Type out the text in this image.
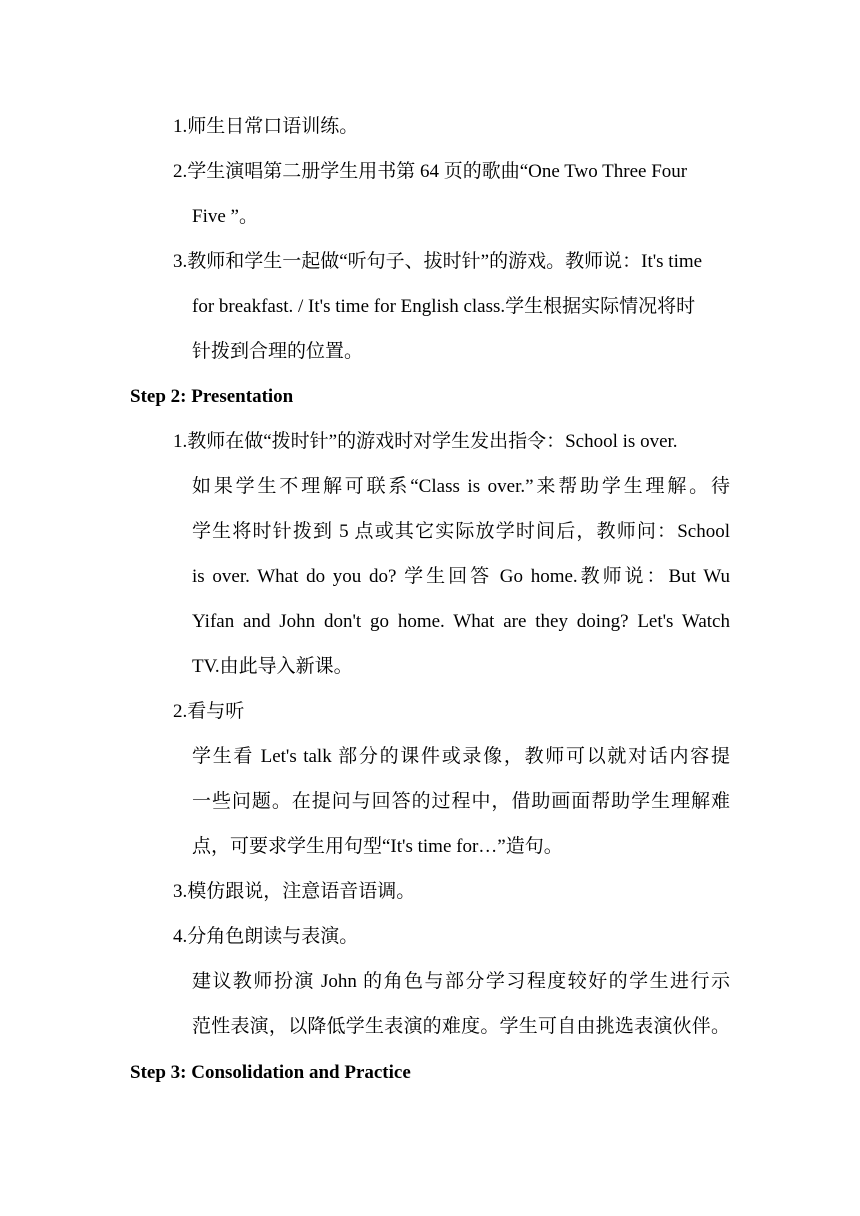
1.师生日常口语训练。
2.学生演唱第二册学生用书第 64 页的歌曲“One Two Three Four
Five ”。
3.教师和学生一起做“听句子、拔时针”的游戏。教师说：It's time
for breakfast. / It's time for English class.学生根据实际情况将时
针拨到合理的位置。
Step 2: Presentation
1.教师在做“拨时针”的游戏时对学生发出指令：School is over.
如果学生不理解可联系“Class is over.”来帮助学生理解。待
学生将时针拨到 5 点或其它实际放学时间后，教师问：School
is over. What do you do? 学生回答 Go home.教师说：But Wu
Yifan and John don't go home. What are they doing? Let's Watch
TV.由此导入新课。
2.看与听
学生看 Let's talk 部分的课件或录像，教师可以就对话内容提
一些问题。在提问与回答的过程中，借助画面帮助学生理解难
点，可要求学生用句型“It's time for…”造句。
3.模仿跟说，注意语音语调。
4.分角色朗读与表演。
建议教师扮演 John 的角色与部分学习程度较好的学生进行示
范性表演，以降低学生表演的难度。学生可自由挑选表演伙伴。
Step 3: Consolidation and Practice
